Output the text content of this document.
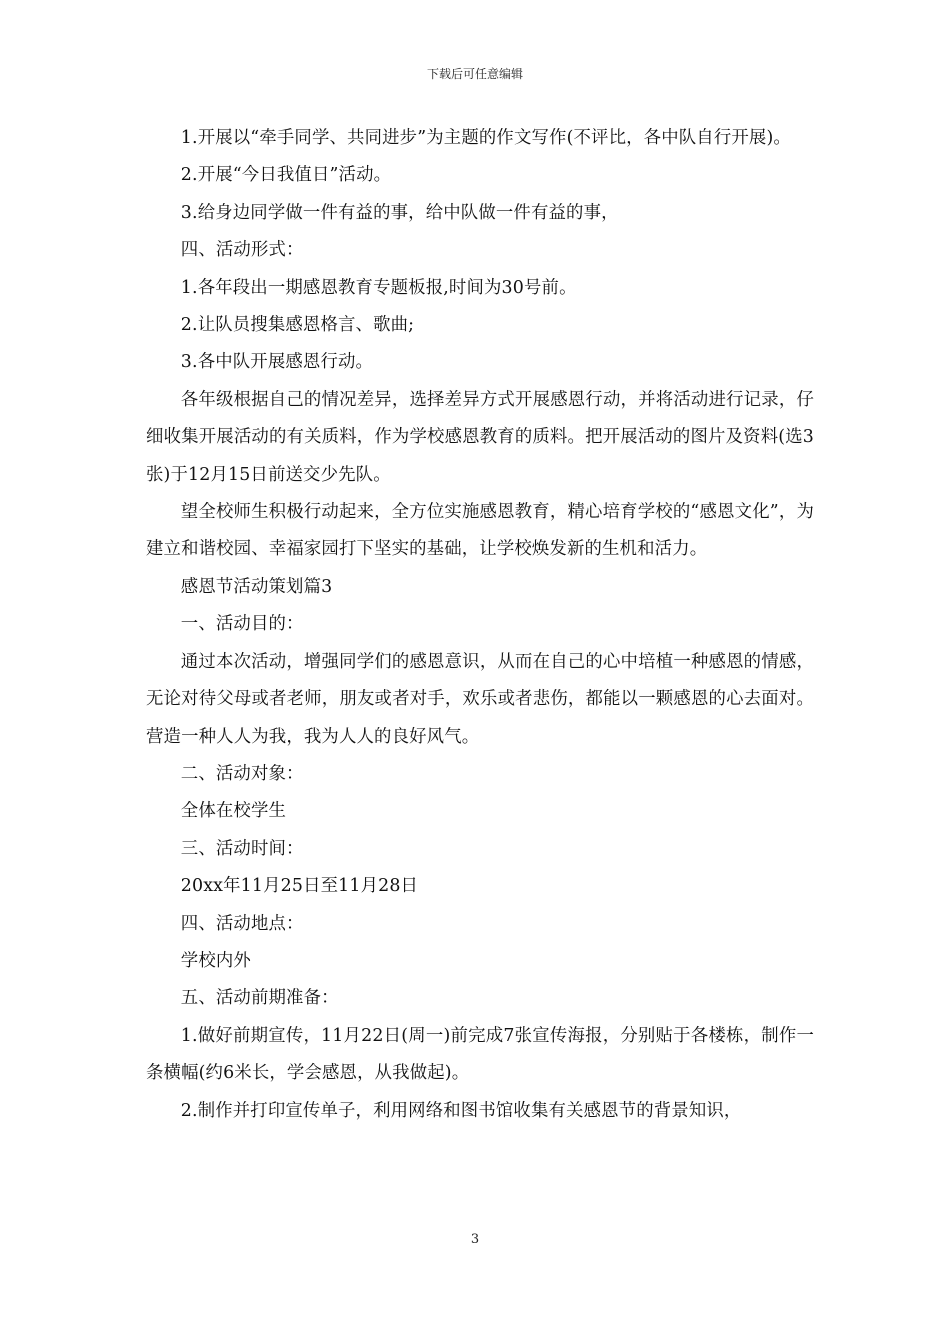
下载后可任意编辑

1.开展以“牵手同学、共同进步”为主题的作文写作(不评比，各中队自行开展)。

2.开展“今日我值日”活动。

3.给身边同学做一件有益的事，给中队做一件有益的事，

四、活动形式：

1.各年段出一期感恩教育专题板报,时间为30号前。

2.让队员搜集感恩格言、歌曲;

3.各中队开展感恩行动。

各年级根据自己的情况差异，选择差异方式开展感恩行动，并将活动进行记录，仔细收集开展活动的有关质料，作为学校感恩教育的质料。把开展活动的图片及资料(选3张)于12月15日前送交少先队。

望全校师生积极行动起来，全方位实施感恩教育，精心培育学校的“感恩文化”，为建立和谐校园、幸福家园打下坚实的基础，让学校焕发新的生机和活力。

感恩节活动策划篇3

一、活动目的：

通过本次活动，增强同学们的感恩意识，从而在自己的心中培植一种感恩的情感，无论对待父母或者老师，朋友或者对手，欢乐或者悲伤，都能以一颗感恩的心去面对。营造一种人人为我，我为人人的良好风气。

二、活动对象：

全体在校学生

三、活动时间：

20xx年11月25日至11月28日

四、活动地点：

学校内外

五、活动前期准备：

1.做好前期宣传，11月22日(周一)前完成7张宣传海报，分别贴于各楼栋，制作一条横幅(约6米长，学会感恩，从我做起)。

2.制作并打印宣传单子，利用网络和图书馆收集有关感恩节的背景知识，

3
